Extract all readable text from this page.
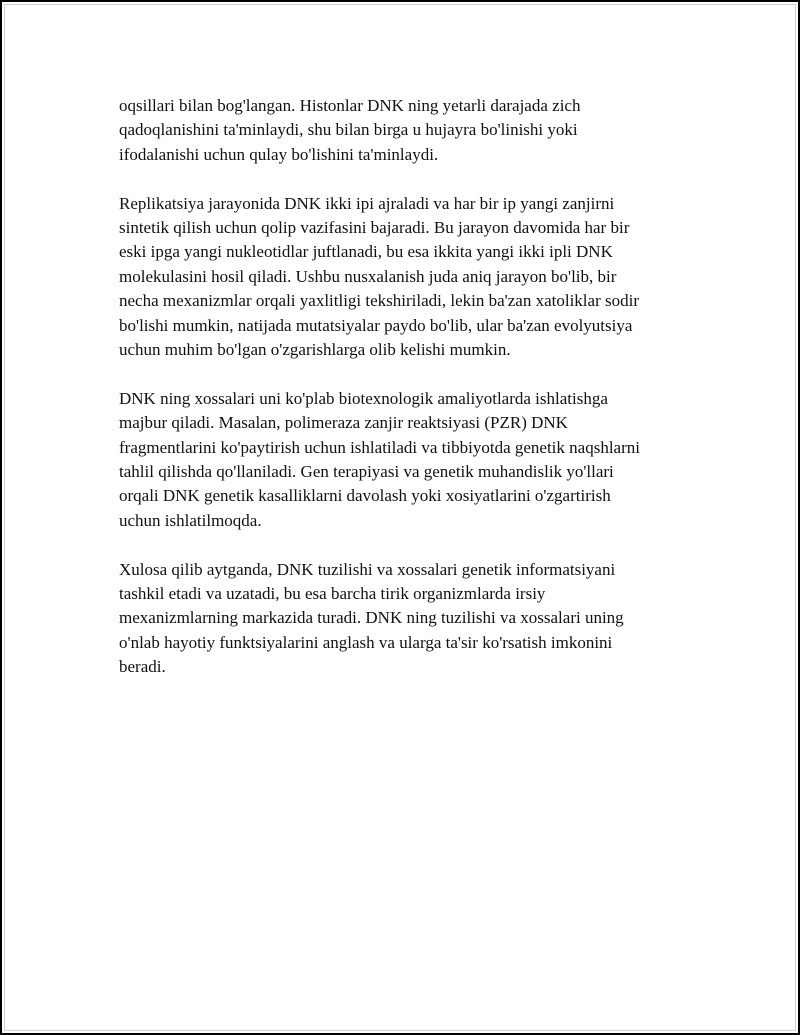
oqsillari bilan bog'langan. Histonlar DNK ning yetarli darajada zich
qadoqlanishini ta'minlaydi, shu bilan birga u hujayra bo'linishi yoki
ifodalanishi uchun qulay bo'lishini ta'minlaydi.

Replikatsiya jarayonida DNK ikki ipi ajraladi va har bir ip yangi zanjirni
sintetik qilish uchun qolip vazifasini bajaradi. Bu jarayon davomida har bir
eski ipga yangi nukleotidlar juftlanadi, bu esa ikkita yangi ikki ipli DNK
molekulasini hosil qiladi. Ushbu nusxalanish juda aniq jarayon bo'lib, bir
necha mexanizmlar orqali yaxlitligi tekshiriladi, lekin ba'zan xatoliklar sodir
bo'lishi mumkin, natijada mutatsiyalar paydo bo'lib, ular ba'zan evolyutsiya
uchun muhim bo'lgan o'zgarishlarga olib kelishi mumkin.

DNK ning xossalari uni ko'plab biotexnologik amaliyotlarda ishlatishga
majbur qiladi. Masalan, polimeraza zanjir reaktsiyasi (PZR) DNK
fragmentlarini ko'paytirish uchun ishlatiladi va tibbiyotda genetik naqshlarni
tahlil qilishda qo'llaniladi. Gen terapiyasi va genetik muhandislik yo'llari
orqali DNK genetik kasalliklarni davolash yoki xosiyatlarini o'zgartirish
uchun ishlatilmoqda.

Xulosa qilib aytganda, DNK tuzilishi va xossalari genetik informatsiyani
tashkil etadi va uzatadi, bu esa barcha tirik organizmlarda irsiy
mexanizmlarning markazida turadi. DNK ning tuzilishi va xossalari uning
o'nlab hayotiy funktsiyalarini anglash va ularga ta'sir ko'rsatish imkonini
beradi.
